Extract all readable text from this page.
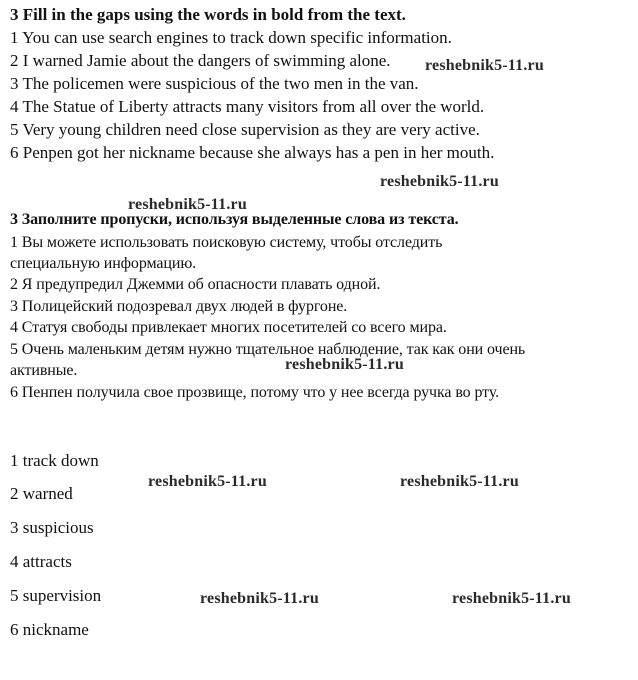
3 Fill in the gaps using the words in bold from the text.
1 You can use search engines to track down specific information.
2 I warned Jamie about the dangers of swimming alone.
3 The policemen were suspicious of the two men in the van.
4 The Statue of Liberty attracts many visitors from all over the world.
5 Very young children need close supervision as they are very active.
6 Penpen got her nickname because she always has a pen in her mouth.
3 Заполните пропуски, используя выделенные слова из текста.
1 Вы можете использовать поисковую систему, чтобы отследить
специальную информацию.
2 Я предупредил Джемми об опасности плавать одной.
3 Полицейский подозревал двух людей в фургоне.
4 Статуя свободы привлекает многих посетителей со всего мира.
5 Очень маленьким детям нужно тщательное наблюдение, так как они очень
активные.
6 Пенпен получила свое прозвище, потому что у нее всегда ручка во рту.
1 track down
2 warned
3 suspicious
4 attracts
5 supervision
6 nickname
reshebnik5-11.ru
reshebnik5-11.ru
reshebnik5-11.ru
reshebnik5-11.ru
reshebnik5-11.ru	reshebnik5-11.ru
reshebnik5-11.ru	reshebnik5-11.ru
